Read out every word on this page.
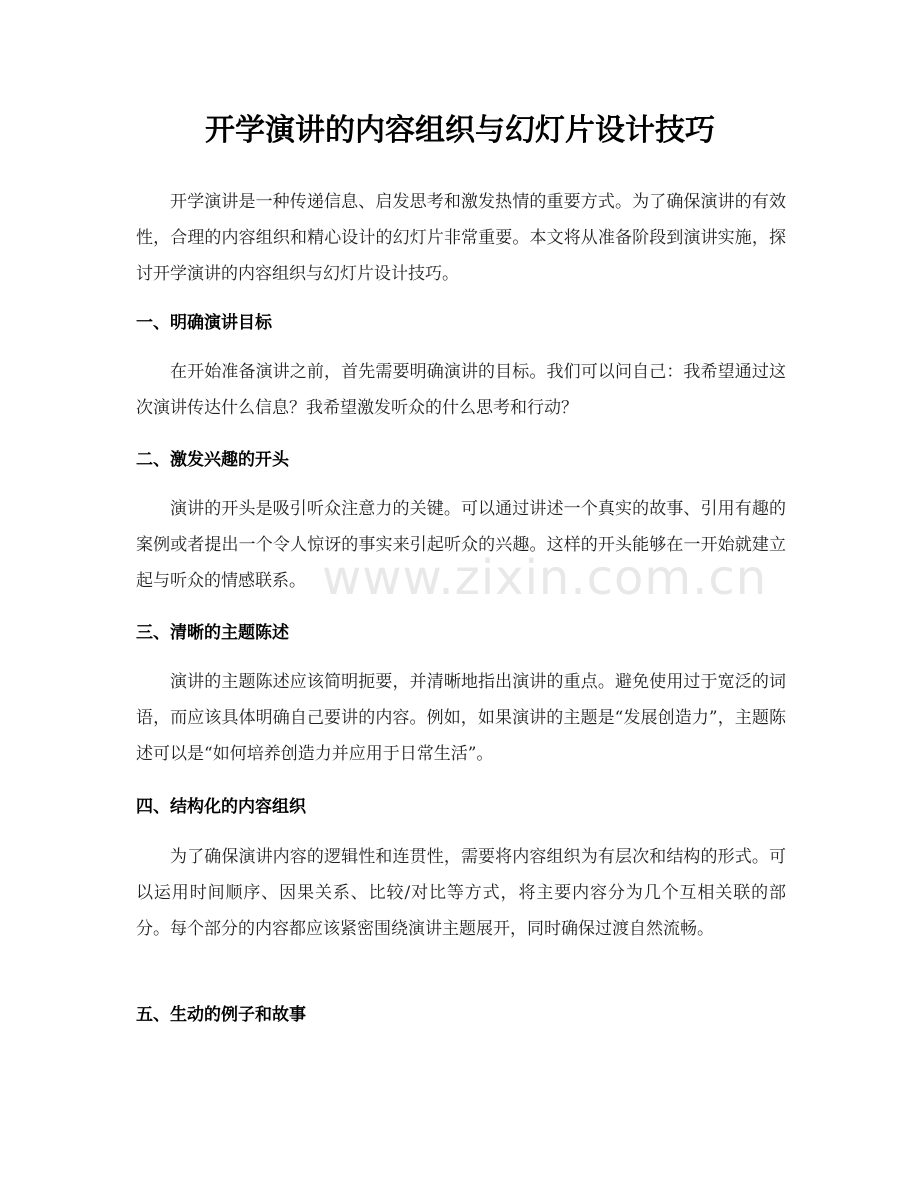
开学演讲的内容组织与幻灯片设计技巧

开学演讲是一种传递信息、启发思考和激发热情的重要方式。为了确保演讲的有效性，合理的内容组织和精心设计的幻灯片非常重要。本文将从准备阶段到演讲实施，探讨开学演讲的内容组织与幻灯片设计技巧。

一、明确演讲目标

在开始准备演讲之前，首先需要明确演讲的目标。我们可以问自己：我希望通过这次演讲传达什么信息？我希望激发听众的什么思考和行动？

二、激发兴趣的开头

演讲的开头是吸引听众注意力的关键。可以通过讲述一个真实的故事、引用有趣的案例或者提出一个令人惊讶的事实来引起听众的兴趣。这样的开头能够在一开始就建立起与听众的情感联系。

三、清晰的主题陈述

演讲的主题陈述应该简明扼要，并清晰地指出演讲的重点。避免使用过于宽泛的词语，而应该具体明确自己要讲的内容。例如，如果演讲的主题是“发展创造力”，主题陈述可以是“如何培养创造力并应用于日常生活”。

四、结构化的内容组织

为了确保演讲内容的逻辑性和连贯性，需要将内容组织为有层次和结构的形式。可以运用时间顺序、因果关系、比较/对比等方式，将主要内容分为几个互相关联的部分。每个部分的内容都应该紧密围绕演讲主题展开，同时确保过渡自然流畅。

五、生动的例子和故事
www.zixin.com.cn
